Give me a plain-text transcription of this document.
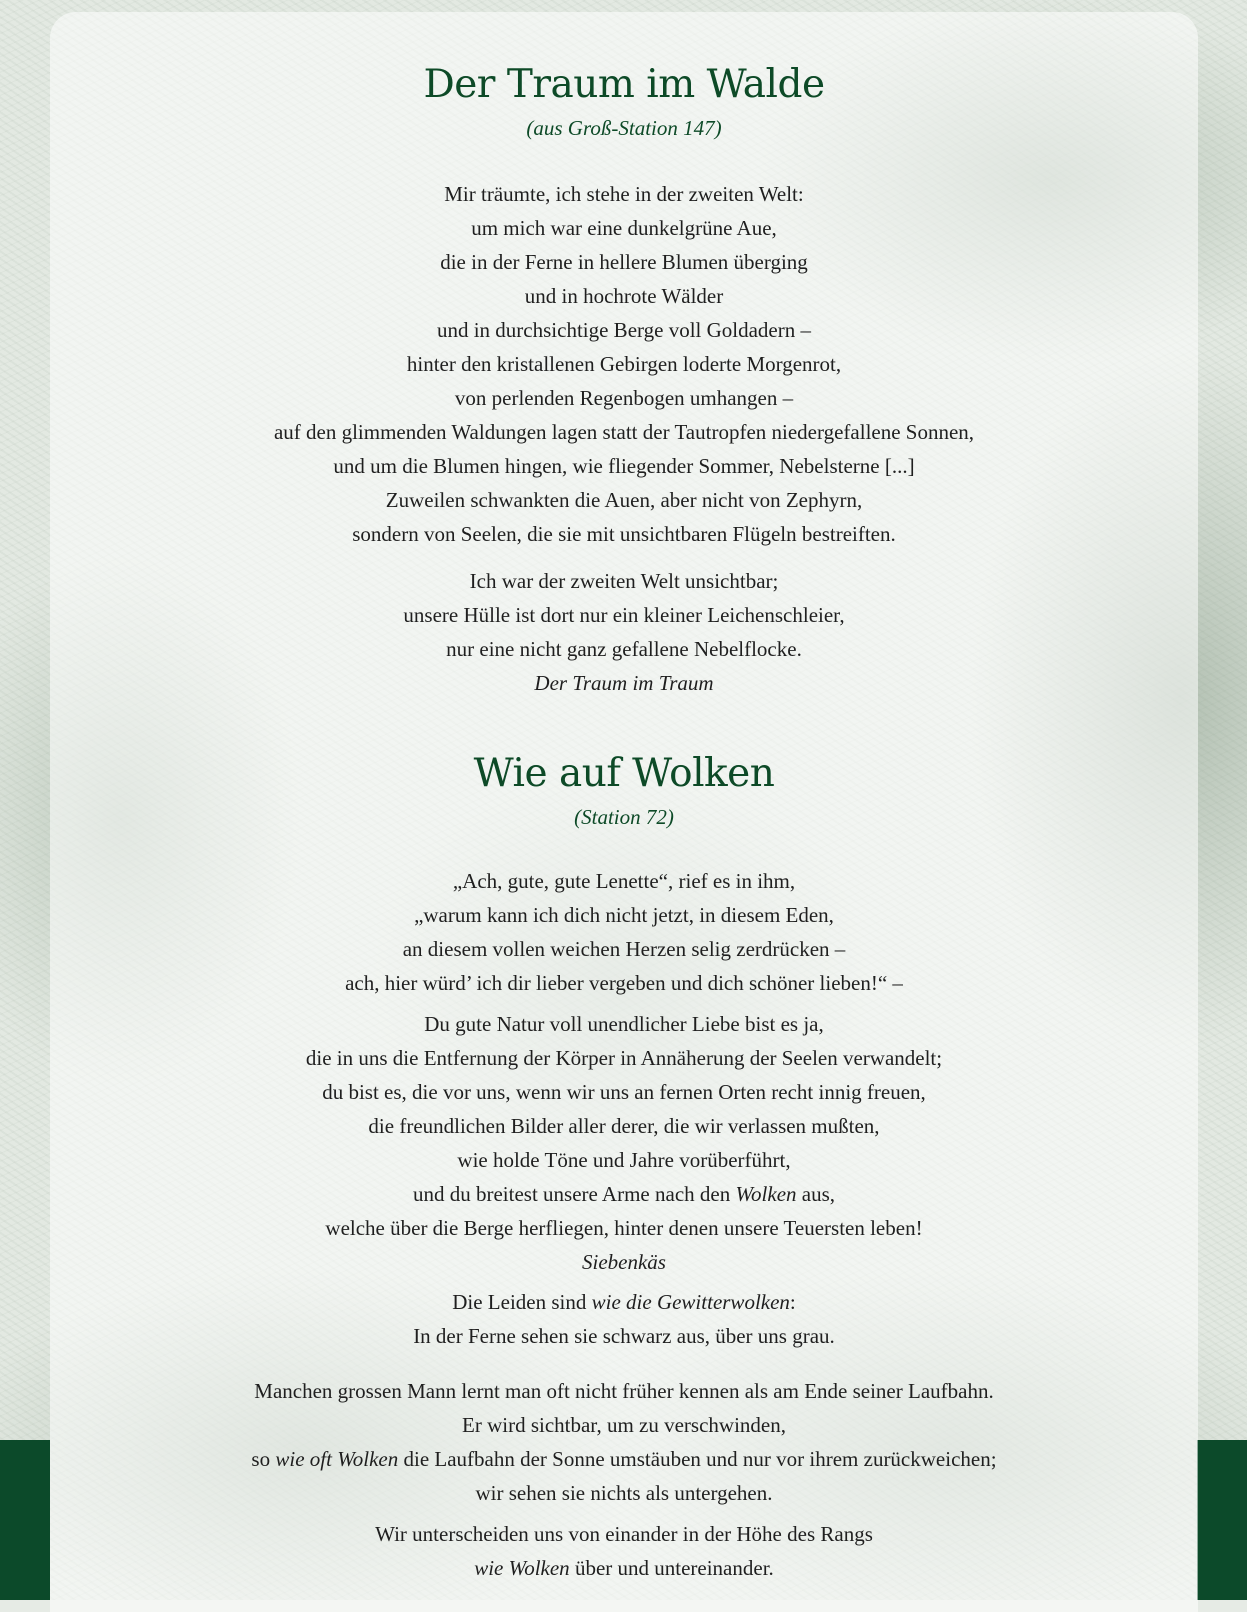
Der Traum im Walde
(aus Groß-Station 147)
Mir träumte, ich stehe in der zweiten Welt:
um mich war eine dunkelgrüne Aue,
die in der Ferne in hellere Blumen überging
und in hochrote Wälder
und in durchsichtige Berge voll Goldadern –
hinter den kristallenen Gebirgen loderte Morgenrot,
von perlenden Regenbogen umhangen –
auf den glimmenden Waldungen lagen statt der Tautropfen niedergefallene Sonnen,
und um die Blumen hingen, wie fliegender Sommer, Nebelsterne [...]
Zuweilen schwankten die Auen, aber nicht von Zephyrn,
sondern von Seelen, die sie mit unsichtbaren Flügeln bestreiften.
Ich war der zweiten Welt unsichtbar;
unsere Hülle ist dort nur ein kleiner Leichenschleier,
nur eine nicht ganz gefallene Nebelflocke.
Der Traum im Traum
Wie auf Wolken
(Station 72)
„Ach, gute, gute Lenette“, rief es in ihm,
„warum kann ich dich nicht jetzt, in diesem Eden,
an diesem vollen weichen Herzen selig zerdrücken –
ach, hier würd’ ich dir lieber vergeben und dich schöner lieben!“ –
Du gute Natur voll unendlicher Liebe bist es ja,
die in uns die Entfernung der Körper in Annäherung der Seelen verwandelt;
du bist es, die vor uns, wenn wir uns an fernen Orten recht innig freuen,
die freundlichen Bilder aller derer, die wir verlassen mußten,
wie holde Töne und Jahre vorüberführt,
und du breitest unsere Arme nach den Wolken aus,
welche über die Berge herfliegen, hinter denen unsere Teuersten leben!
Siebenkäs
Die Leiden sind wie die Gewitterwolken:
In der Ferne sehen sie schwarz aus, über uns grau.
Manchen grossen Mann lernt man oft nicht früher kennen als am Ende seiner Laufbahn.
Er wird sichtbar, um zu verschwinden,
so wie oft Wolken die Laufbahn der Sonne umstäuben und nur vor ihrem zurückweichen;
wir sehen sie nichts als untergehen.
Wir unterscheiden uns von einander in der Höhe des Rangs
wie Wolken über und untereinander.
